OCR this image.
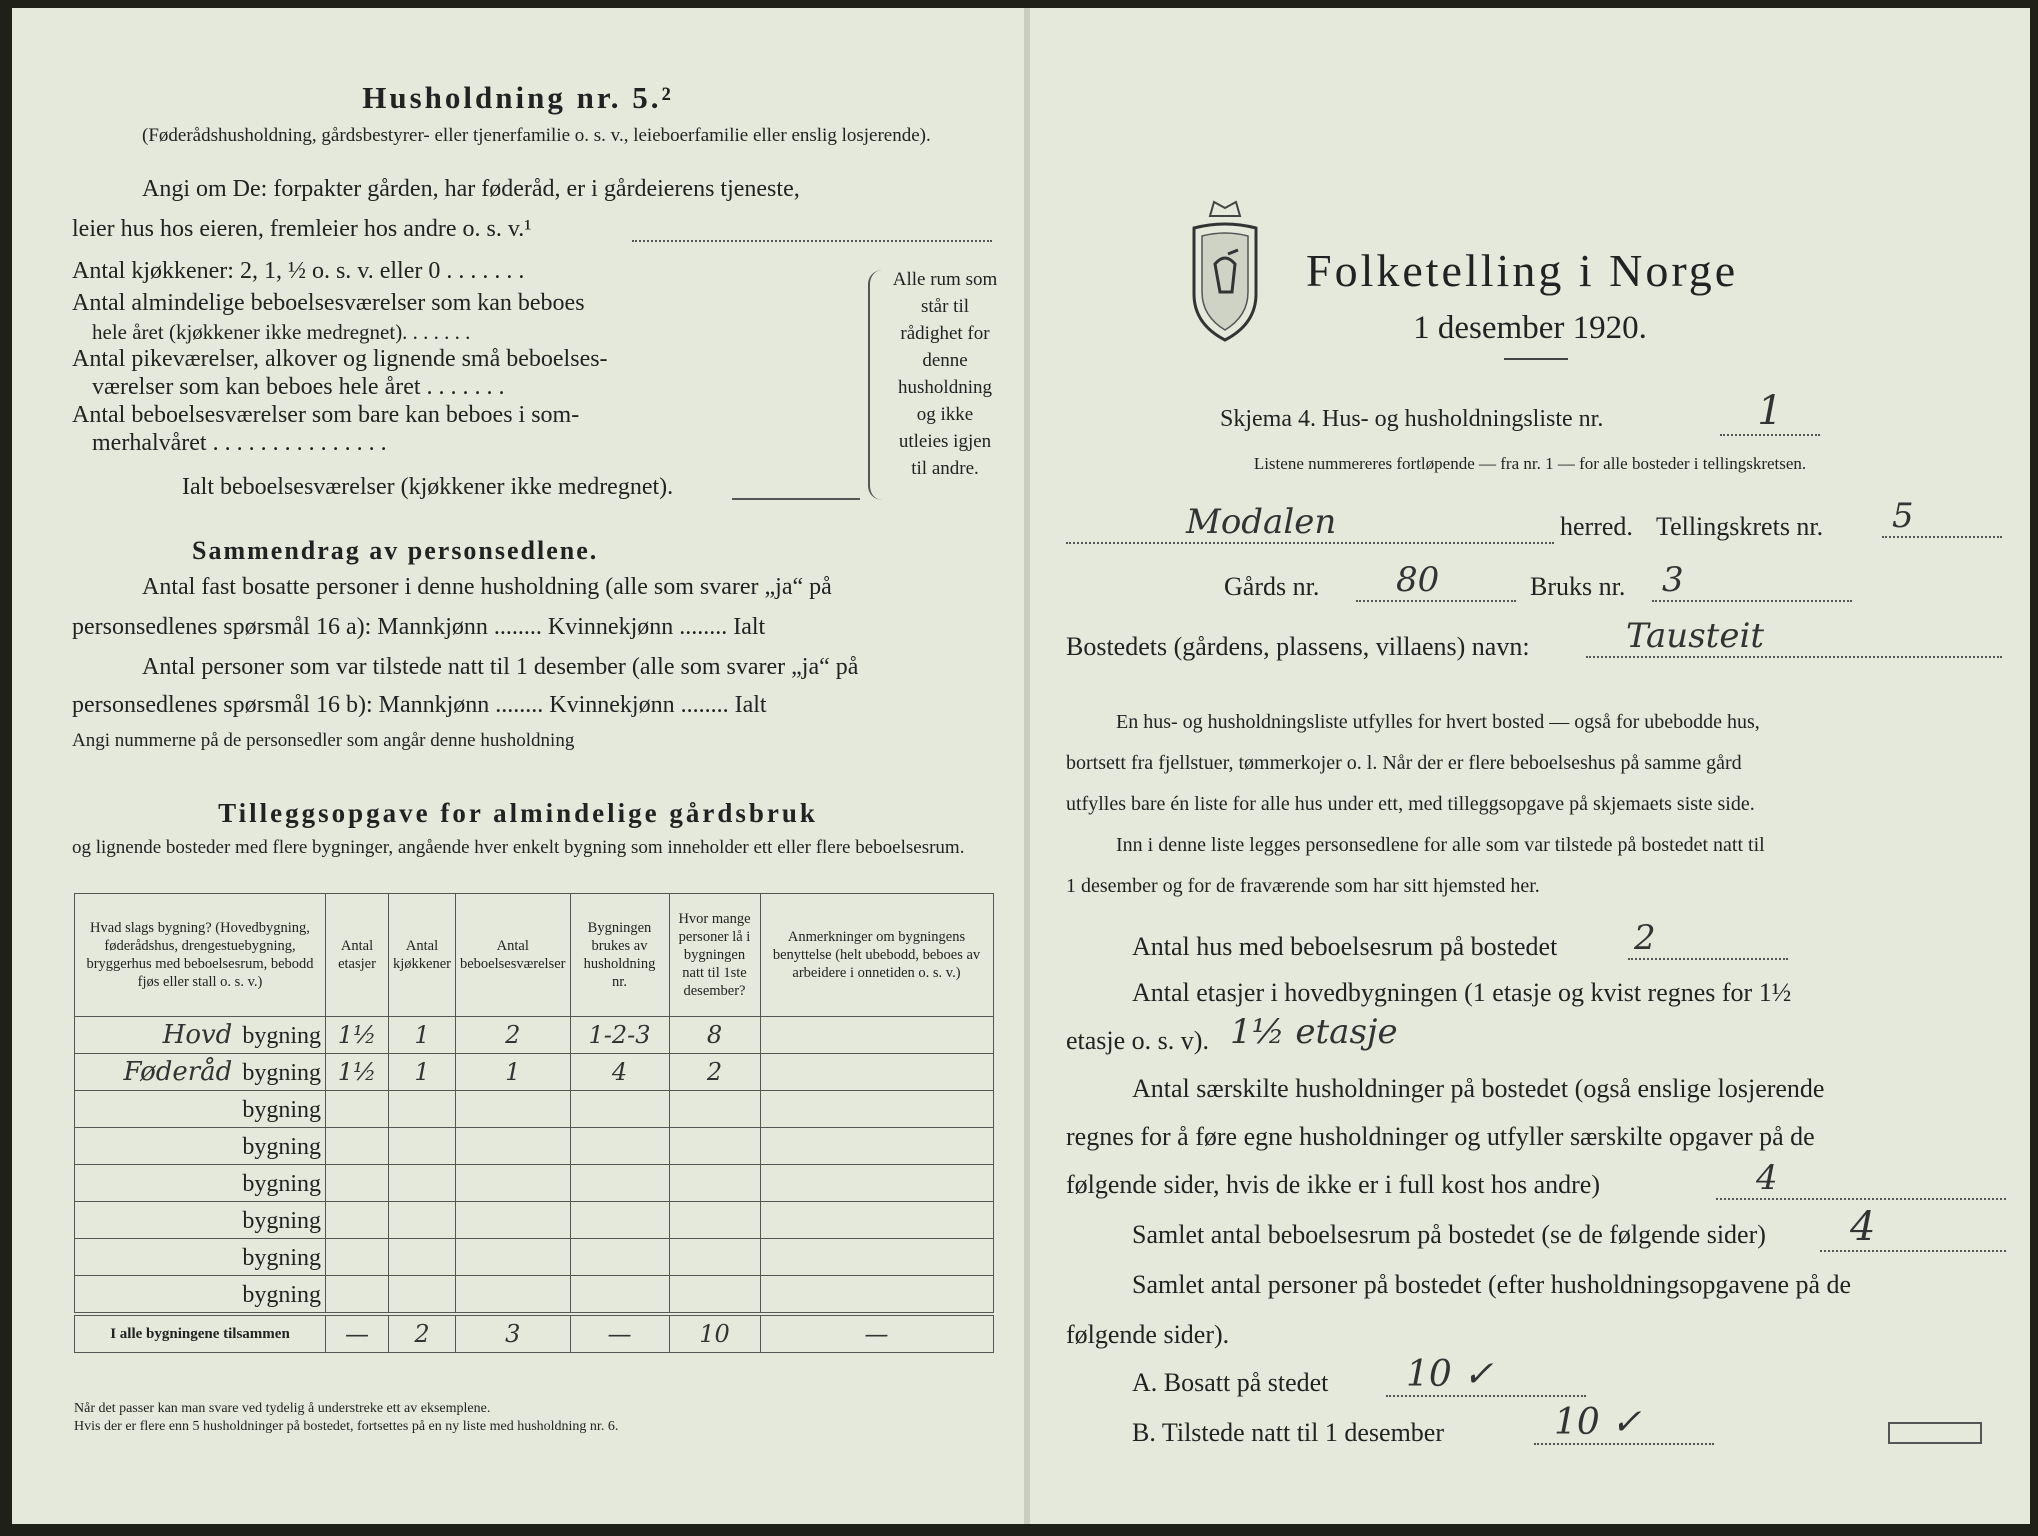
Husholdning nr. 5.²
(Føderådshusholdning, gårdsbestyrer- eller tjenerfamilie o. s. v., leieboerfamilie eller enslig losjerende).
Angi om De: forpakter gården, har føderåd, er i gårdeierens tjeneste,
leier hus hos eieren, fremleier hos andre o. s. v.¹
Antal kjøkkener: 2, 1, ½ o. s. v. eller 0 . . . . . . .
Antal almindelige beboelsesværelser som kan beboes
hele året (kjøkkener ikke medregnet). . . . . . .
Antal pikeværelser, alkover og lignende små beboelses-
værelser som kan beboes hele året . . . . . . .
Antal beboelsesværelser som bare kan beboes i som-
merhalvåret . . . . . . . . . . . . . . .
Ialt beboelsesværelser (kjøkkener ikke medregnet).
Alle rum som står til rådighet for denne husholdning og ikke utleies igjen til andre.
Sammendrag av personsedlene.
Antal fast bosatte personer i denne husholdning (alle som svarer „ja“ på
personsedlenes spørsmål 16 a): Mannkjønn ........ Kvinnekjønn ........ Ialt
Antal personer som var tilstede natt til 1 desember (alle som svarer „ja“ på
personsedlenes spørsmål 16 b): Mannkjønn ........ Kvinnekjønn ........ Ialt
Angi nummerne på de personsedler som angår denne husholdning
Tilleggsopgave for almindelige gårdsbruk
og lignende bosteder med flere bygninger, angående hver enkelt bygning som inneholder ett eller flere beboelsesrum.
Når det passer kan man svare ved tydelig å understreke ett av eksemplene.
Hvis der er flere enn 5 husholdninger på bostedet, fortsettes på en ny liste med husholdning nr. 6.
Hvad slags bygning? (Hovedbygning, føderådshus, drengestuebygning, bryggerhus med beboelsesrum, bebodd fjøs eller stall o. s. v.)	Antal etasjer	Antal kjøkkener	Antal beboelsesværelser	Bygningen brukes av husholdning nr.	Hvor mange personer lå i bygningen natt til 1ste desember?	Anmerkninger om bygningens benyttelse (helt ubebodd, beboes av arbeidere i onnetiden o. s. v.)
Hovd bygning	1½	1	2	1-2-3	8	
Føderåd bygning	1½	1	1	4	2	
bygning						
bygning						
bygning						
bygning						
bygning						
bygning						
I alle bygningene tilsammen	—	2	3	—	10	—
Folketelling i Norge
1 desember 1920.
Skjema 4. Hus- og husholdningsliste nr.	1
Listene nummereres fortløpende — fra nr. 1 — for alle bosteder i tellingskretsen.
Modalen	herred. Tellingskrets nr. 5
Gårds nr.	80	Bruks nr. 3
Bostedets (gårdens, plassens, villaens) navn:	Tausteit
En hus- og husholdningsliste utfylles for hvert bosted — også for ubebodde hus,
bortsett fra fjellstuer, tømmerkojer o. l. Når der er flere beboelseshus på samme gård
utfylles bare én liste for alle hus under ett, med tilleggsopgave på skjemaets siste side.
Inn i denne liste legges personsedlene for alle som var tilstede på bostedet natt til
1 desember og for de fraværende som har sitt hjemsted her.
Antal hus med beboelsesrum på bostedet 2
Antal etasjer i hovedbygningen (1 etasje og kvist regnes for 1½
etasje o. s. v). 1½ etasje
Antal særskilte husholdninger på bostedet (også enslige losjerende
regnes for å føre egne husholdninger og utfyller særskilte opgaver på de
følgende sider, hvis de ikke er i full kost hos andre)	4
Samlet antal beboelsesrum på bostedet (se de følgende sider)	4
Samlet antal personer på bostedet (efter husholdningsopgavene på de
følgende sider).
A. Bosatt på stedet	10 ✓
B. Tilstede natt til 1 desember	10 ✓
